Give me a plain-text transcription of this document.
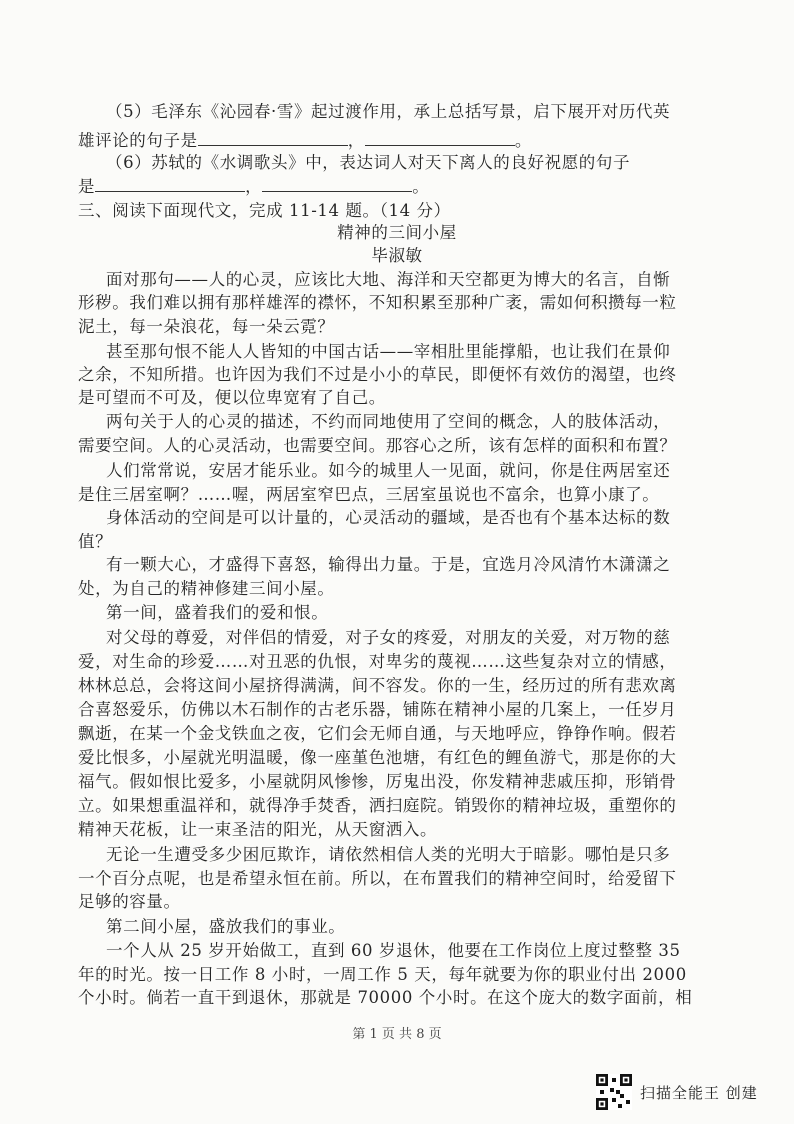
（5）毛泽东《沁园春·雪》起过渡作用，承上总括写景，启下展开对历代英
雄评论的句子是	，	。
（6）苏轼的《水调歌头》中，表达词人对天下离人的良好祝愿的句子
是	，	。
三、阅读下面现代文，完成 11-14 题。（14 分）
精神的三间小屋
毕淑敏
面对那句——人的心灵，应该比大地、海洋和天空都更为博大的名言，自惭
形秽。我们难以拥有那样雄浑的襟怀，不知积累至那种广袤，需如何积攒每一粒
泥土，每一朵浪花，每一朵云霓？
甚至那句恨不能人人皆知的中国古话——宰相肚里能撑船，也让我们在景仰
之余，不知所措。也许因为我们不过是小小的草民，即便怀有效仿的渴望，也终
是可望而不可及，便以位卑宽宥了自己。
两句关于人的心灵的描述，不约而同地使用了空间的概念，人的肢体活动，
需要空间。人的心灵活动，也需要空间。那容心之所，该有怎样的面积和布置？
人们常常说，安居才能乐业。如今的城里人一见面，就问，你是住两居室还
是住三居室啊？……喔，两居室窄巴点，三居室虽说也不富余，也算小康了。
身体活动的空间是可以计量的，心灵活动的疆域，是否也有个基本达标的数
值？
有一颗大心，才盛得下喜怒，输得出力量。于是，宜选月冷风清竹木潇潇之
处，为自己的精神修建三间小屋。
第一间，盛着我们的爱和恨。
对父母的尊爱，对伴侣的情爱，对子女的疼爱，对朋友的关爱，对万物的慈
爱，对生命的珍爱……对丑恶的仇恨，对卑劣的蔑视……这些复杂对立的情感，
林林总总，会将这间小屋挤得满满，间不容发。你的一生，经历过的所有悲欢离
合喜怒爱乐，仿佛以木石制作的古老乐器，铺陈在精神小屋的几案上，一任岁月
飘逝，在某一个金戈铁血之夜，它们会无师自通，与天地呼应，铮铮作响。假若
爱比恨多，小屋就光明温暖，像一座堇色池塘，有红色的鲤鱼游弋，那是你的大
福气。假如恨比爱多，小屋就阴风惨惨，厉鬼出没，你发精神悲戚压抑，形销骨
立。如果想重温祥和，就得净手焚香，洒扫庭院。销毁你的精神垃圾，重塑你的
精神天花板，让一束圣洁的阳光，从天窗洒入。
无论一生遭受多少困厄欺诈，请依然相信人类的光明大于暗影。哪怕是只多
一个百分点呢，也是希望永恒在前。所以，在布置我们的精神空间时，给爱留下
足够的容量。
第二间小屋，盛放我们的事业。
一个人从 25 岁开始做工，直到 60 岁退休，他要在工作岗位上度过整整 35
年的时光。按一日工作 8 小时，一周工作 5 天，每年就要为你的职业付出 2000
个小时。倘若一直干到退休，那就是 70000 个小时。在这个庞大的数字面前，相
第 1 页 共 8 页
扫描全能王 创建
